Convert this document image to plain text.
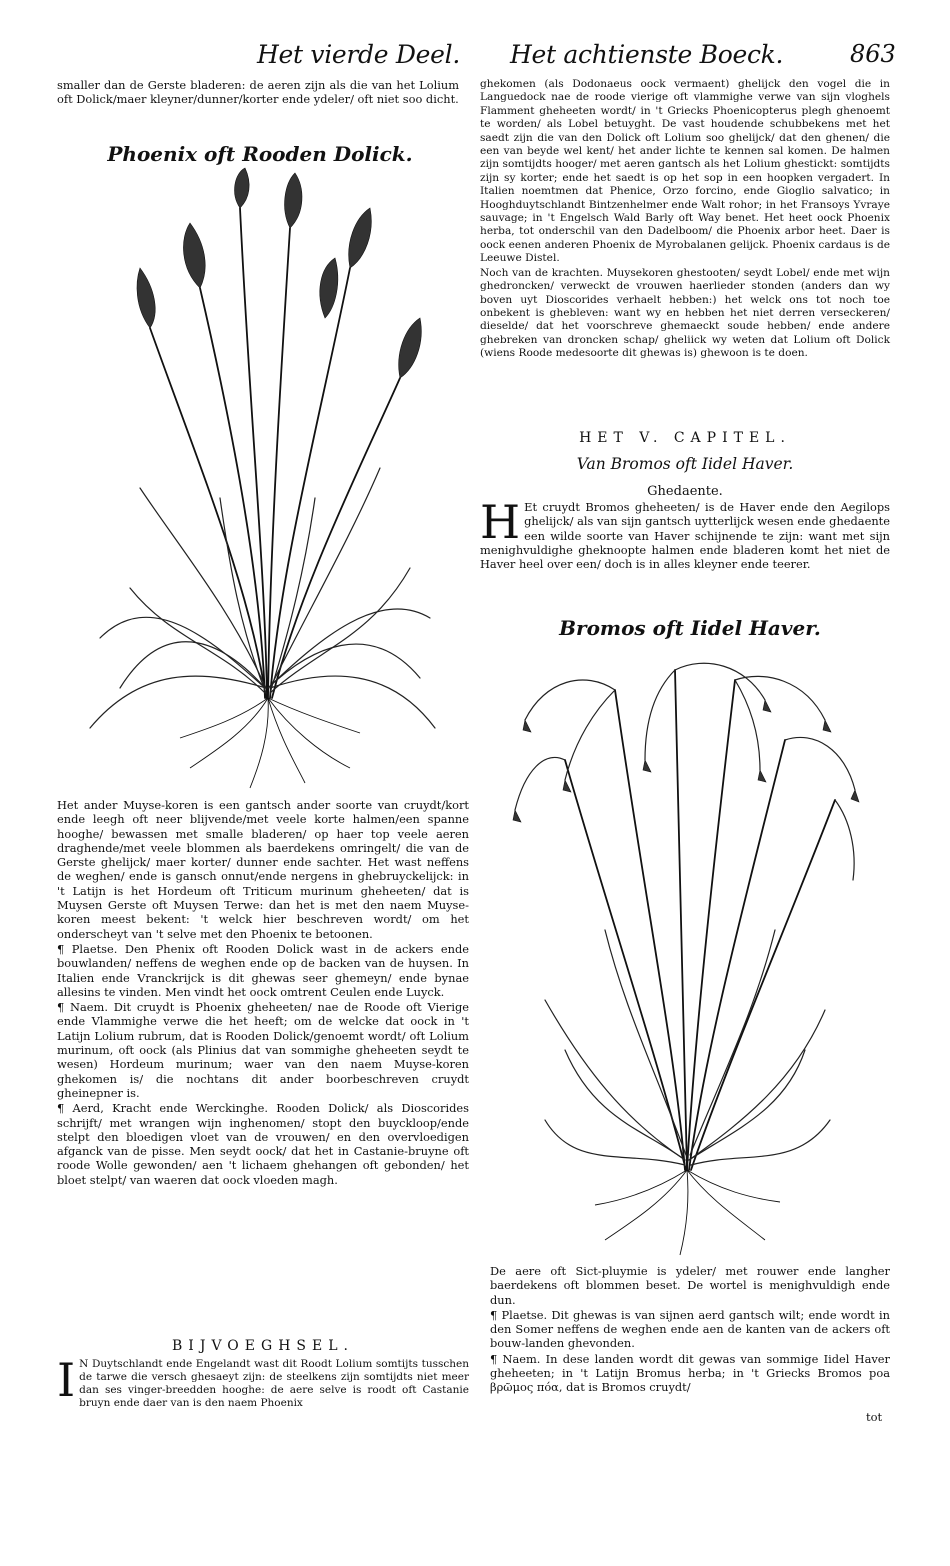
Het vierde Deel. Het achtienste Boeck.	863

smaller dan de Gerste bladeren: de aeren zijn als die van het Lolium oft Dolick/maer kleyner/dunner/korter ende ydeler/ oft niet soo dicht.

Phoenix oft Rooden Dolick.

Het ander Muyse-koren is een gantsch ander soorte van cruydt/kort ende leegh oft neer blijvende/met veele korte halmen/een spanne hooghe/ bewassen met smalle bladeren/ op haer top veele aeren draghende/met veele blommen als baerdekens omringelt/ die van de Gerste ghelijck/ maer korter/ dunner ende sachter. Het wast neffens de weghen/ ende is gansch onnut/ende nergens in ghebruyckelijck: in 't Latijn is het Hordeum oft Triticum murinum gheheeten/ dat is Muysen Gerste oft Muysen Terwe: dan het is met den naem Muyse-koren meest bekent: 't welck hier beschreven wordt/ om het onderscheyt van 't selve met den Phoenix te betoonen.

¶ Plaetse. Den Phenix oft Rooden Dolick wast in de ackers ende bouwlanden/ neffens de weghen ende op de backen van de huysen. In Italien ende Vranckrijck is dit ghewas seer ghemeyn/ ende bynae allesins te vinden. Men vindt het oock omtrent Ceulen ende Luyck.

¶ Naem. Dit cruydt is Phoenix gheheeten/ nae de Roode oft Vierige ende Vlammighe verwe die het heeft; om de welcke dat oock in 't Latijn Lolium rubrum, dat is Rooden Dolick/genoemt wordt/ oft Lolium murinum, oft oock (als Plinius dat van sommighe gheheeten seydt te wesen) Hordeum murinum; waer van den naem Muyse-koren ghekomen is/ die nochtans dit ander boorbeschreven cruydt gheinepner is.

¶ Aerd, Kracht ende Werckinghe. Rooden Dolick/ als Dioscorides schrijft/ met wrangen wijn inghenomen/ stopt den buyckloop/ende stelpt den bloedigen vloet van de vrouwen/ en den overvloedigen afganck van de pisse. Men seydt oock/ dat het in Castanie-bruyne oft roode Wolle gewonden/ aen 't lichaem ghehangen oft gebonden/ het bloet stelpt/ van waeren dat oock vloeden magh.

BIJVOEGHSEL.
I N Duytschlandt ende Engelandt wast dit Roodt Lolium somtijts tusschen de tarwe die versch ghesaeyt zijn: de steelkens zijn somtijdts niet meer dan ses vinger-breedden hooghe: de aere selve is roodt oft Castanie bruyn ende daer van is den naem Phoenix

ghekomen (als Dodonaeus oock vermaent) ghelijck den vogel die in Languedock nae de roode vierige oft vlammighe verwe van sijn vloghels Flamment gheheeten wordt/ in 't Griecks Phoenicopterus plegh ghenoemt te worden/ als Lobel betuyght. De vast houdende schubbekens met het saedt zijn die van den Dolick oft Lolium soo ghelijck/ dat den ghenen/ die een van beyde wel kent/ het ander lichte te kennen sal komen. De halmen zijn somtijdts hooger/ met aeren gantsch als het Lolium ghestickt: somtijdts zijn sy korter; ende het saedt is op het sop in een hoopken vergadert. In Italien noemtmen dat Phenice, Orzo forcino, ende Gioglio salvatico; in Hooghduytschlandt Bintzenhelmer ende Walt rohor; in het Fransoys Yvraye sauvage; in 't Engelsch Wald Barly oft Way benet. Het heet oock Phoenix herba, tot onderschil van den Dadelboom/ die Phoenix arbor heet. Daer is oock eenen anderen Phoenix de Myrobalanen gelijck. Phoenix cardaus is de Leeuwe Distel.

Noch van de krachten. Muysekoren ghestooten/ seydt Lobel/ ende met wijn ghedroncken/ verweckt de vrouwen haerlieder stonden (anders dan wy boven uyt Dioscorides verhaelt hebben:) het welck ons tot noch toe onbekent is ghebleven: want wy en hebben het niet derren verseckeren/ dieselde/ dat het voorschreve ghemaeckt soude hebben/ ende andere ghebreken van droncken schap/ gheliick wy weten dat Lolium oft Dolick (wiens Roode medesoorte dit ghewas is) ghewoon is te doen.

HET V. CAPITEL.
Van Bromos oft Iidel Haver.
Ghedaente.
H Et cruydt Bromos gheheeten/ is de Haver ende den Aegilops ghelijck/ als van sijn gantsch uytterlijck wesen ende ghedaente een wilde soorte van Haver schijnende te zijn: want met sijn menighvuldighe gheknoopte halmen ende bladeren komt het niet de Haver heel over een/ doch is in alles kleyner ende teerer.
Bromos oft Iidel Haver.

De aere oft Sict-pluymie is ydeler/ met rouwer ende langher baerdekens oft blommen beset. De wortel is menighvuldigh ende dun.

¶ Plaetse. Dit ghewas is van sijnen aerd gantsch wilt; ende wordt in den Somer neffens de weghen ende aen de kanten van de ackers oft bouw-landen ghevonden.

¶ Naem. In dese landen wordt dit gewas van sommige Iidel Haver gheheeten; in 't Latijn Bromus herba; in 't Griecks Bromos poa βρῶμος πόα, dat is Bromos cruydt/

tot
